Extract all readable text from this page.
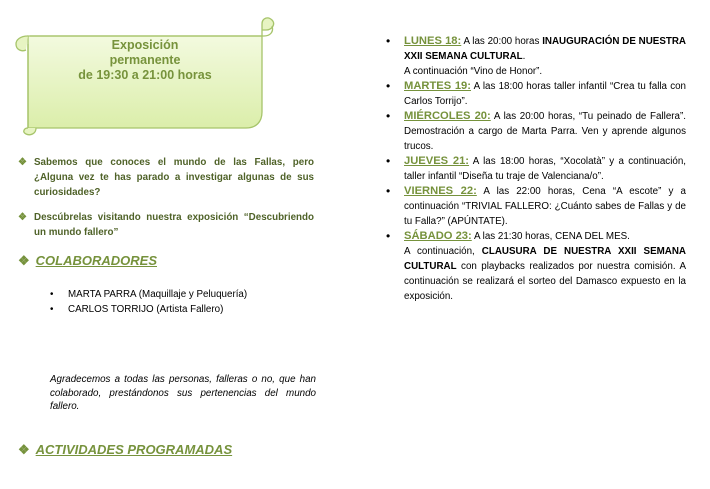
Exposición
permanente
de 19:30 a 21:00 horas
❖ Sabemos que conoces el mundo de las Fallas, pero ¿Alguna vez te has parado a investigar algunas de sus curiosidades?
❖ Descúbrelas visitando nuestra exposición “Descubriendo un mundo fallero”
❖ COLABORADORES
• MARTA PARRA (Maquillaje y Peluquería)
• CARLOS TORRIJO (Artista Fallero)
Agradecemos a todas las personas, falleras o no, que han colaborado, prestándonos sus pertenencias del mundo fallero.
❖ ACTIVIDADES PROGRAMADAS
• LUNES 18: A las 20:00 horas INAUGURACIÓN DE NUESTRA XXII SEMANA CULTURAL.
A continuación “Vino de Honor”.
• MARTES 19: A las 18:00 horas taller infantil “Crea tu falla con Carlos Torrijo”.
• MIÉRCOLES 20: A las 20:00 horas, “Tu peinado de Fallera”. Demostración a cargo de Marta Parra. Ven y aprende algunos trucos.
• JUEVES 21: A las 18:00 horas, “Xocolatà” y a continuación, taller infantil “Diseña tu traje de Valenciana/o”.
• VIERNES 22: A las 22:00 horas, Cena “A escote” y a continuación “TRIVIAL FALLERO: ¿Cuánto sabes de Fallas y de tu Falla?” (APÚNTATE).
• SÁBADO 23: A las 21:30 horas, CENA DEL MES.
A continuación, CLAUSURA DE NUESTRA XXII SEMANA CULTURAL con playbacks realizados por nuestra comisión. A continuación se realizará el sorteo del Damasco expuesto en la exposición.
